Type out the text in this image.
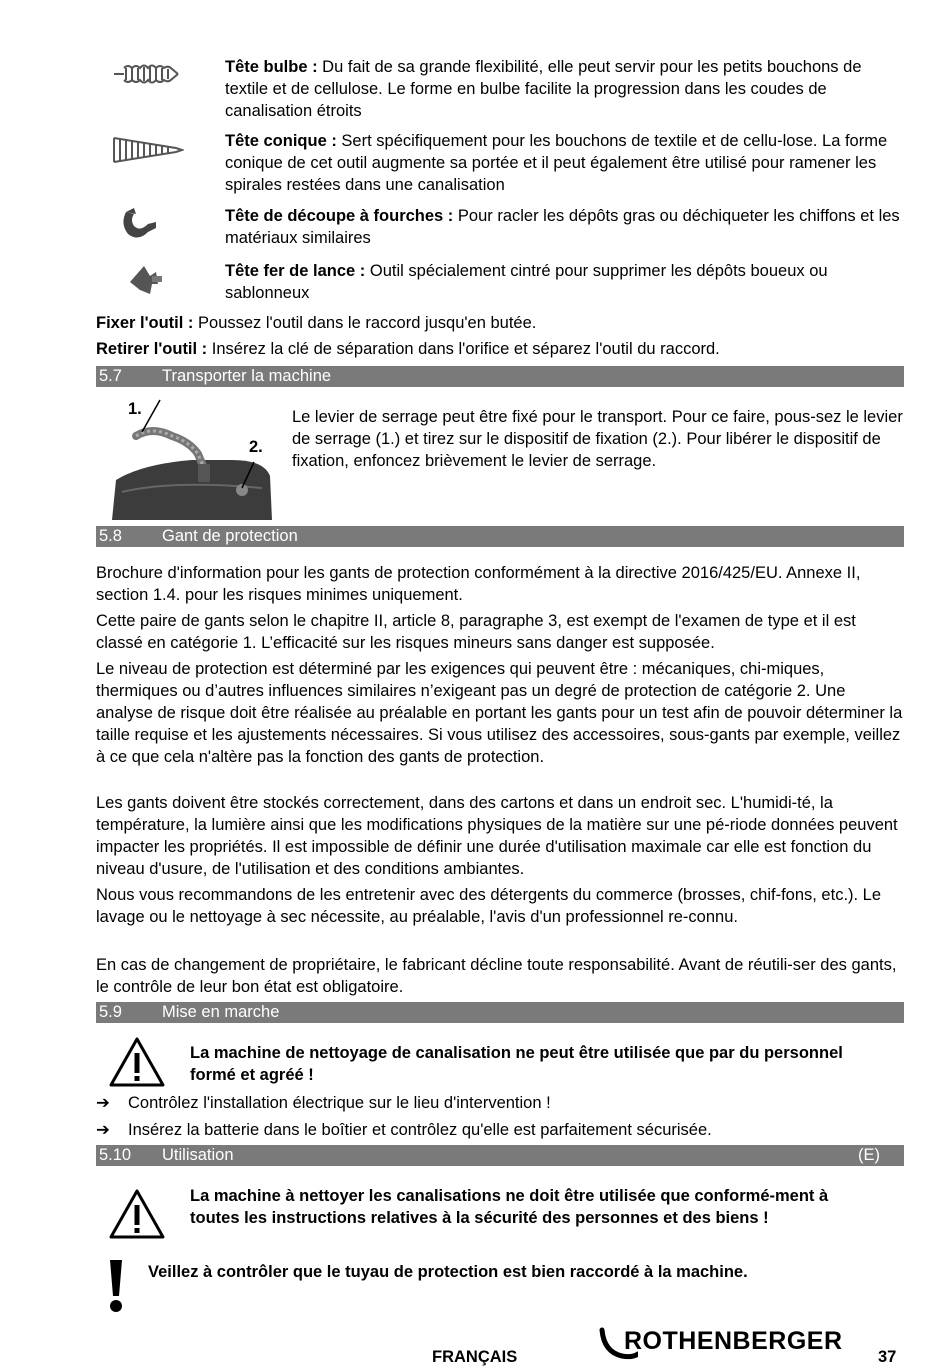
Tête bulbe : Du fait de sa grande flexibilité, elle peut servir pour les petits bouchons de textile et de cellulose. Le forme en bulbe facilite la progression dans les coudes de canalisation étroits
Tête conique : Sert spécifiquement pour les bouchons de textile et de cellu-lose. La forme conique de cet outil augmente sa portée et il peut également être utilisé pour ramener les spirales restées dans une canalisation
Tête de découpe à fourches : Pour racler les dépôts gras ou déchiqueter les chiffons et les matériaux similaires
Tête fer de lance : Outil spécialement cintré pour supprimer les dépôts boueux ou sablonneux
Fixer l'outil : Poussez l'outil dans le raccord jusqu'en butée.
Retirer l'outil : Insérez la clé de séparation dans l'orifice et séparez l'outil du raccord.
5.7 Transporter la machine
1.
2.
Le levier de serrage peut être fixé pour le transport. Pour ce faire, pous-sez le levier de serrage (1.) et tirez sur le dispositif de fixation (2.). Pour libérer le dispositif de fixation, enfoncez brièvement le levier de serrage.
5.8 Gant de protection
Brochure d'information pour les gants de protection conformément à la directive 2016/425/EU. Annexe II, section 1.4. pour les risques minimes uniquement.
Cette paire de gants selon le chapitre II, article 8, paragraphe 3, est exempt de l'examen de type et il est classé en catégorie 1. L’efficacité sur les risques mineurs sans danger est supposée.
Le niveau de protection est déterminé par les exigences qui peuvent être : mécaniques, chi-miques, thermiques ou d’autres influences similaires n’exigeant pas un degré de protection de catégorie 2. Une analyse de risque doit être réalisée au préalable en portant les gants pour un test afin de pouvoir déterminer la taille requise et les ajustements nécessaires. Si vous utilisez des accessoires, sous-gants par exemple, veillez à ce que cela n'altère pas la fonction des gants de protection.
Les gants doivent être stockés correctement, dans des cartons et dans un endroit sec. L'humidi-té, la température, la lumière ainsi que les modifications physiques de la matière sur une pé-riode données peuvent impacter les propriétés. Il est impossible de définir une durée d'utilisation maximale car elle est fonction du niveau d'usure, de l'utilisation et des conditions ambiantes.
Nous vous recommandons de les entretenir avec des détergents du commerce (brosses, chif-fons, etc.). Le lavage ou le nettoyage à sec nécessite, au préalable, l'avis d'un professionnel re-connu.
En cas de changement de propriétaire, le fabricant décline toute responsabilité. Avant de réutili-ser des gants, le contrôle de leur bon état est obligatoire.
5.9 Mise en marche
La machine de nettoyage de canalisation ne peut être utilisée que par du personnel formé et agréé !
➔ Contrôlez l'installation électrique sur le lieu d'intervention !
➔ Insérez la batterie dans le boîtier et contrôlez qu'elle est parfaitement sécurisée.
5.10 Utilisation	(E)
La machine à nettoyer les canalisations ne doit être utilisée que conformé-ment à toutes les instructions relatives à la sécurité des personnes et des biens !
Veillez à contrôler que le tuyau de protection est bien raccordé à la machine.
FRANÇAIS
ROTHENBERGER
37
